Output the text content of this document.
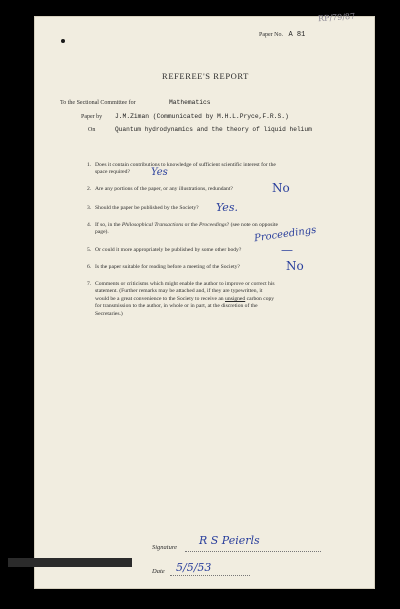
RP/79/87
Paper No. A 81
REFEREE'S REPORT
To the Sectional Committee for	Mathematics
Paper by J.M.Ziman (Communicated by M.H.L.Pryce,F.R.S.)
On	Quantum hydrodynamics and the theory of liquid helium
1. Does it contain contributions to knowledge of sufficient scientific interest for the
space required?	Yes
2. Are any portions of the paper, or any illustrations, redundant?	No
3. Should the paper be published by the Society?	Yes.
4. If so, in the Philosophical Transactions or the Proceedings? (see note on opposite
page).	Proceedings
5. Or could it more appropriately be published by some other body?	—
6. Is the paper suitable for reading before a meeting of the Society?	No
7. Comments or criticisms which might enable the author to improve or correct his
statement. (Further remarks may be attached and, if they are typewritten, it
would be a great convenience to the Society to receive an unsigned carbon copy
for transmission to the author, in whole or in part, at the discretion of the
Secretaries.)
Signature
R S Peierls
Date 5/5/53
